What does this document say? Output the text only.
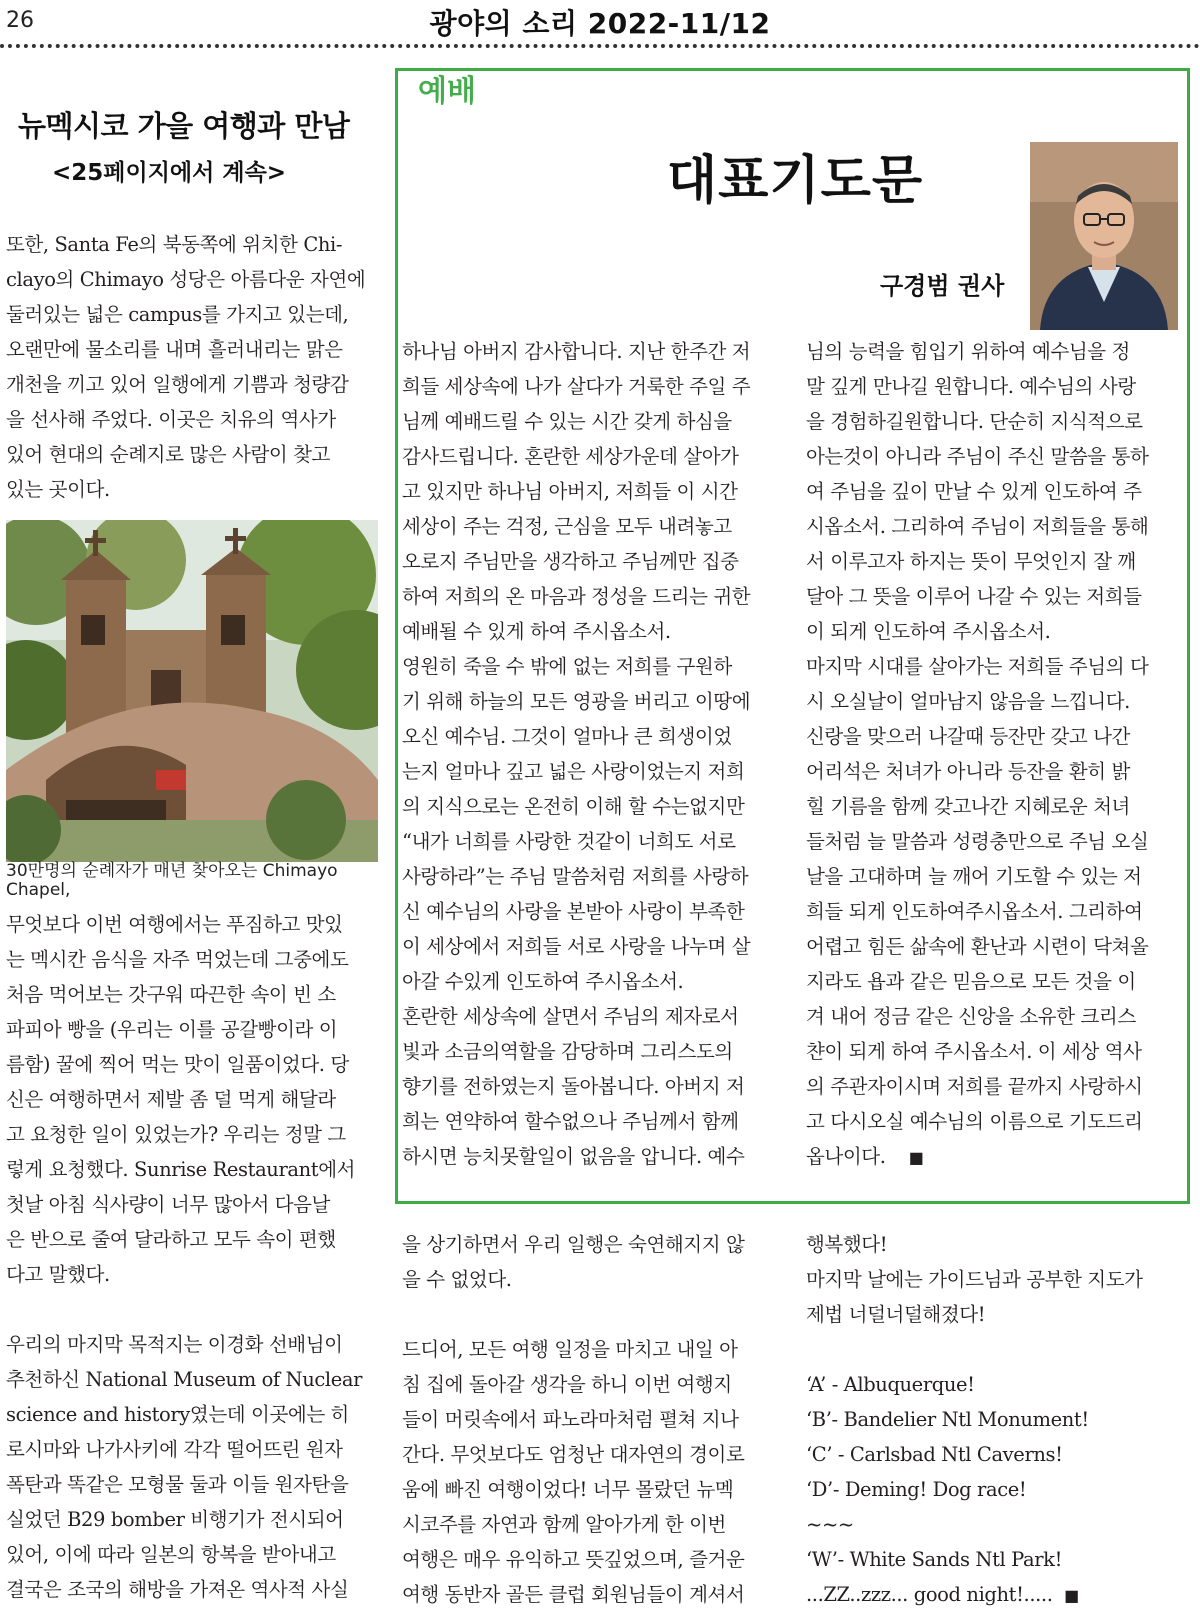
26	광야의 소리 2022-11/12
뉴멕시코 가을 여행과 만남
<25페이지에서 계속>

또한, Santa Fe의 북동쪽에 위치한 Chi-

clayo의 Chimayo 성당은 아름다운 자연에

둘러있는 넓은 campus를 가지고 있는데,

오랜만에 물소리를 내며 흘러내리는 맑은

개천을 끼고 있어 일행에게 기쁨과 청량감

을 선사해 주었다. 이곳은 치유의 역사가

있어 현대의 순례지로 많은 사람이 찾고

있는 곳이다.

30만명의 순례자가 매년 찾아오는 Chimayo Chapel,

무엇보다 이번 여행에서는 푸짐하고 맛있

는 멕시칸 음식을 자주 먹었는데 그중에도

처음 먹어보는 갓구워 따끈한 속이 빈 소

파피아 빵을 (우리는 이를 공갈빵이라 이

름함) 꿀에 찍어 먹는 맛이 일품이었다. 당

신은 여행하면서 제발 좀 덜 먹게 해달라

고 요청한 일이 있었는가? 우리는 정말 그

렇게 요청했다. Sunrise Restaurant에서

첫날 아침 식사량이 너무 많아서 다음날

은 반으로 줄여 달라하고 모두 속이 편했

다고 말했다.

우리의 마지막 목적지는 이경화 선배님이

추천하신 National Museum of Nuclear

science and history였는데 이곳에는 히

로시마와 나가사키에 각각 떨어뜨린 원자

폭탄과 똑같은 모형물 둘과 이들 원자탄을

실었던 B29 bomber 비행기가 전시되어

있어, 이에 따라 일본의 항복을 받아내고

결국은 조국의 해방을 가져온 역사적 사실

예배
대표기도문
구경범 권사

하나님 아버지 감사합니다. 지난 한주간 저

희들 세상속에 나가 살다가 거룩한 주일 주

님께 예배드릴 수 있는 시간 갖게 하심을

감사드립니다. 혼란한 세상가운데 살아가

고 있지만 하나님 아버지, 저희들 이 시간

세상이 주는 걱정, 근심을 모두 내려놓고

오로지 주님만을 생각하고 주님께만 집중

하여 저희의 온 마음과 정성을 드리는 귀한

예배될 수 있게 하여 주시옵소서.

영원히 죽을 수 밖에 없는 저희를 구원하

기 위해 하늘의 모든 영광을 버리고 이땅에

오신 예수님. 그것이 얼마나 큰 희생이었

는지 얼마나 깊고 넓은 사랑이었는지 저희

의 지식으로는 온전히 이해 할 수는없지만

“내가 너희를 사랑한 것같이 너희도 서로

사랑하라”는 주님 말씀처럼 저희를 사랑하

신 예수님의 사랑을 본받아 사랑이 부족한

이 세상에서 저희들 서로 사랑을 나누며 살

아갈 수있게 인도하여 주시옵소서.

혼란한 세상속에 살면서 주님의 제자로서

빛과 소금의역할을 감당하며 그리스도의

향기를 전하였는지 돌아봅니다. 아버지 저

희는 연약하여 할수없으나 주님께서 함께

하시면 능치못할일이 없음을 압니다. 예수

님의 능력을 힘입기 위하여 예수님을 정

말 깊게 만나길 원합니다. 예수님의 사랑

을 경험하길원합니다. 단순히 지식적으로

아는것이 아니라 주님이 주신 말씀을 통하

여 주님을 깊이 만날 수 있게 인도하여 주

시옵소서. 그리하여 주님이 저희들을 통해

서 이루고자 하지는 뜻이 무엇인지 잘 깨

달아 그 뜻을 이루어 나갈 수 있는 저희들

이 되게 인도하여 주시옵소서.

마지막 시대를 살아가는 저희들 주님의 다

시 오실날이 얼마남지 않음을 느낍니다.

신랑을 맞으러 나갈때 등잔만 갖고 나간

어리석은 처녀가 아니라 등잔을 환히 밝

힐 기름을 함께 갖고나간 지혜로운 처녀

들처럼 늘 말씀과 성령충만으로 주님 오실

날을 고대하며 늘 깨어 기도할 수 있는 저

희들 되게 인도하여주시옵소서. 그리하여

어렵고 힘든 삶속에 환난과 시련이 닥쳐올

지라도 욥과 같은 믿음으로 모든 것을 이

겨 내어 정금 같은 신앙을 소유한 크리스

챤이 되게 하여 주시옵소서. 이 세상 역사

의 주관자이시며 저희를 끝까지 사랑하시

고 다시오실 예수님의 이름으로 기도드리

옵나이다. ■

을 상기하면서 우리 일행은 숙연해지지 않

을 수 없었다.

드디어, 모든 여행 일정을 마치고 내일 아

침 집에 돌아갈 생각을 하니 이번 여행지

들이 머릿속에서 파노라마처럼 펼쳐 지나

간다. 무엇보다도 엄청난 대자연의 경이로

움에 빠진 여행이었다! 너무 몰랐던 뉴멕

시코주를 자연과 함께 알아가게 한 이번

여행은 매우 유익하고 뜻깊었으며, 즐거운

여행 동반자 골든 클럽 회원님들이 계셔서

행복했다!

마지막 날에는 가이드님과 공부한 지도가

제법 너덜너덜해졌다!

‘A’ - Albuquerque!

‘B’- Bandelier Ntl Monument!

‘C’ - Carlsbad Ntl Caverns!

‘D’- Deming! Dog race!

~~~

‘W’- White Sands Ntl Park!

...ZZ..zzz... good night!..... ■
